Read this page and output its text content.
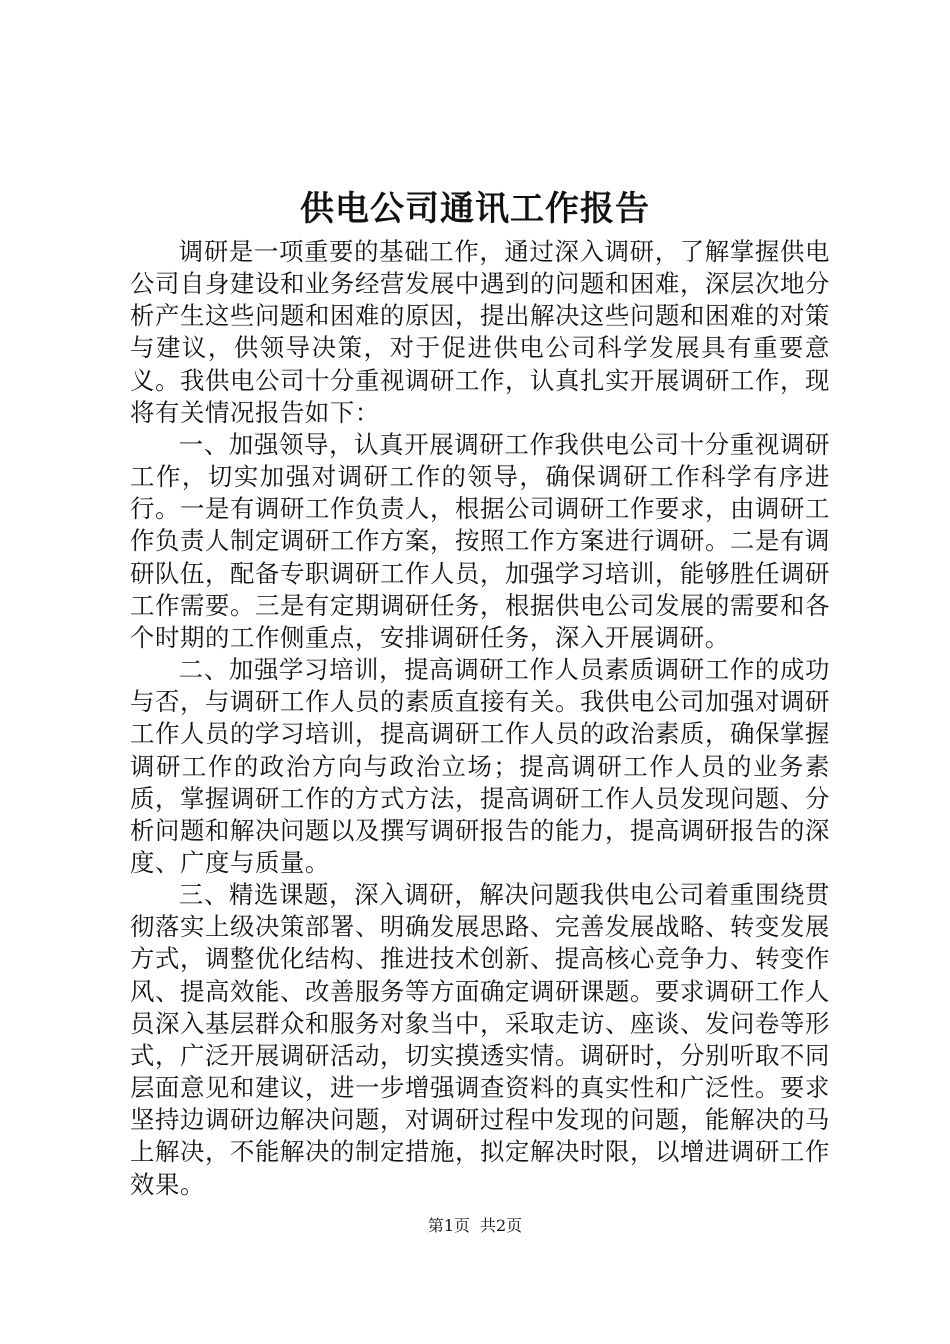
供电公司通讯工作报告

调研是一项重要的基础工作，通过深入调研，了解掌握供电公司自身建设和业务经营发展中遇到的问题和困难，深层次地分析产生这些问题和困难的原因，提出解决这些问题和困难的对策与建议，供领导决策，对于促进供电公司科学发展具有重要意义。我供电公司十分重视调研工作，认真扎实开展调研工作，现将有关情况报告如下：

一、加强领导，认真开展调研工作我供电公司十分重视调研工作，切实加强对调研工作的领导，确保调研工作科学有序进行。一是有调研工作负责人，根据公司调研工作要求，由调研工作负责人制定调研工作方案，按照工作方案进行调研。二是有调研队伍，配备专职调研工作人员，加强学习培训，能够胜任调研工作需要。三是有定期调研任务，根据供电公司发展的需要和各个时期的工作侧重点，安排调研任务，深入开展调研。

二、加强学习培训，提高调研工作人员素质调研工作的成功与否，与调研工作人员的素质直接有关。我供电公司加强对调研工作人员的学习培训，提高调研工作人员的政治素质，确保掌握调研工作的政治方向与政治立场；提高调研工作人员的业务素质，掌握调研工作的方式方法，提高调研工作人员发现问题、分析问题和解决问题以及撰写调研报告的能力，提高调研报告的深度、广度与质量。

三、精选课题，深入调研，解决问题我供电公司着重围绕贯彻落实上级决策部署、明确发展思路、完善发展战略、转变发展方式，调整优化结构、推进技术创新、提高核心竞争力、转变作风、提高效能、改善服务等方面确定调研课题。要求调研工作人员深入基层群众和服务对象当中，采取走访、座谈、发问卷等形式，广泛开展调研活动，切实摸透实情。调研时，分别听取不同层面意见和建议，进一步增强调查资料的真实性和广泛性。要求坚持边调研边解决问题，对调研过程中发现的问题，能解决的马上解决，不能解决的制定措施，拟定解决时限，以增进调研工作效果。

第1页 共2页
